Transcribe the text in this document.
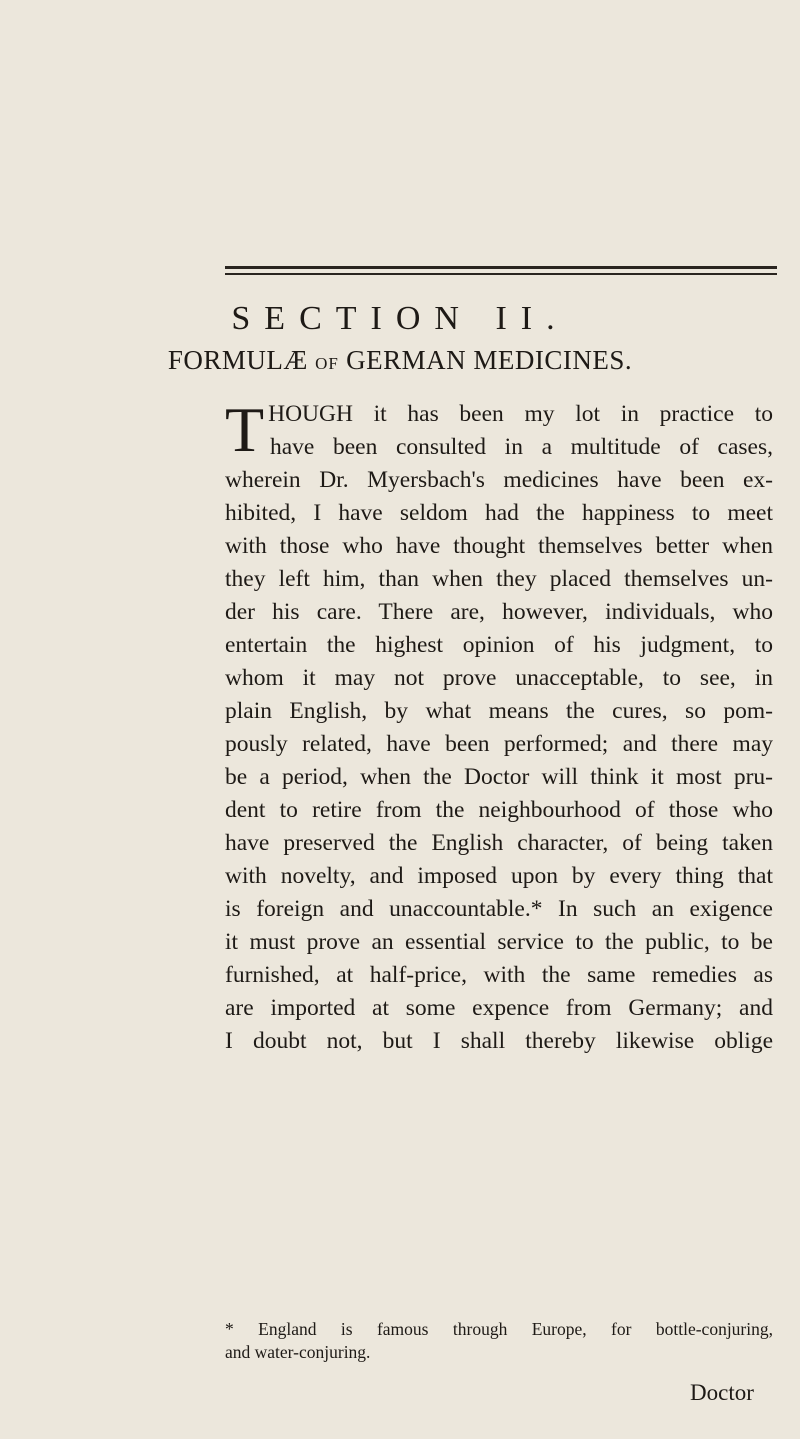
SECTION II.
FORMULÆ OF GERMAN MEDICINES.
T HOUGH it has been my lot in practice to
have been consulted in a multitude of cases,
wherein Dr. Myersbach's medicines have been ex-
hibited, I have seldom had the happiness to meet
with those who have thought themselves better when
they left him, than when they placed themselves un-
der his care. There are, however, individuals, who
entertain the highest opinion of his judgment, to
whom it may not prove unacceptable, to see, in
plain English, by what means the cures, so pom-
pously related, have been performed; and there may
be a period, when the Doctor will think it most pru-
dent to retire from the neighbourhood of those who
have preserved the English character, of being taken
with novelty, and imposed upon by every thing that
is foreign and unaccountable.* In such an exigence
it must prove an essential service to the public, to be
furnished, at half-price, with the same remedies as
are imported at some expence from Germany; and
I doubt not, but I shall thereby likewise oblige
* England is famous through Europe, for bottle-conjuring,
and water-conjuring.
Doctor
